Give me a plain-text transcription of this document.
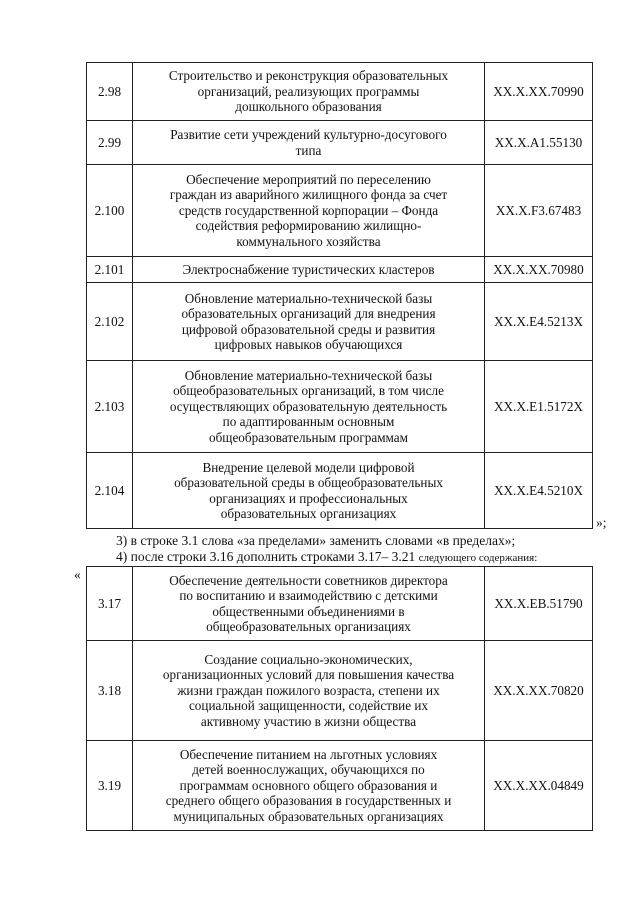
2.98	Строительство и реконструкция образовательных
организаций, реализующих программы
дошкольного образования	XX.X.XX.70990
2.99	Развитие сети учреждений культурно-досугового
типа	XX.X.A1.55130
2.100	Обеспечение мероприятий по переселению
граждан из аварийного жилищного фонда за счет
средств государственной корпорации – Фонда
содействия реформированию жилищно-
коммунального хозяйства	XX.X.F3.67483
2.101	Электроснабжение туристических кластеров	XX.X.XX.70980
2.102	Обновление материально-технической базы
образовательных организаций для внедрения
цифровой образовательной среды и развития
цифровых навыков обучающихся	XX.X.E4.5213X
2.103	Обновление материально-технической базы
общеобразовательных организаций, в том числе
осуществляющих образовательную деятельность
по адаптированным основным
общеобразовательным программам	XX.X.E1.5172X
2.104	Внедрение целевой модели цифровой
образовательной среды в общеобразовательных
организациях и профессиональных
образовательных организациях	XX.X.E4.5210X
»;
3) в строке 3.1 слова «за пределами» заменить словами «в пределах»;
4) после строки 3.16 дополнить строками 3.17– 3.21 следующего содержания:
«
3.17	Обеспечение деятельности советников директора
по воспитанию и взаимодействию с детскими
общественными объединениями в
общеобразовательных организациях	XX.X.EB.51790
3.18	Создание социально-экономических,
организационных условий для повышения качества
жизни граждан пожилого возраста, степени их
социальной защищенности, содействие их
активному участию в жизни общества	XX.X.XX.70820
3.19	Обеспечение питанием на льготных условиях
детей военнослужащих, обучающихся по
программам основного общего образования и
среднего общего образования в государственных и
муниципальных образовательных организациях	XX.X.XX.04849
